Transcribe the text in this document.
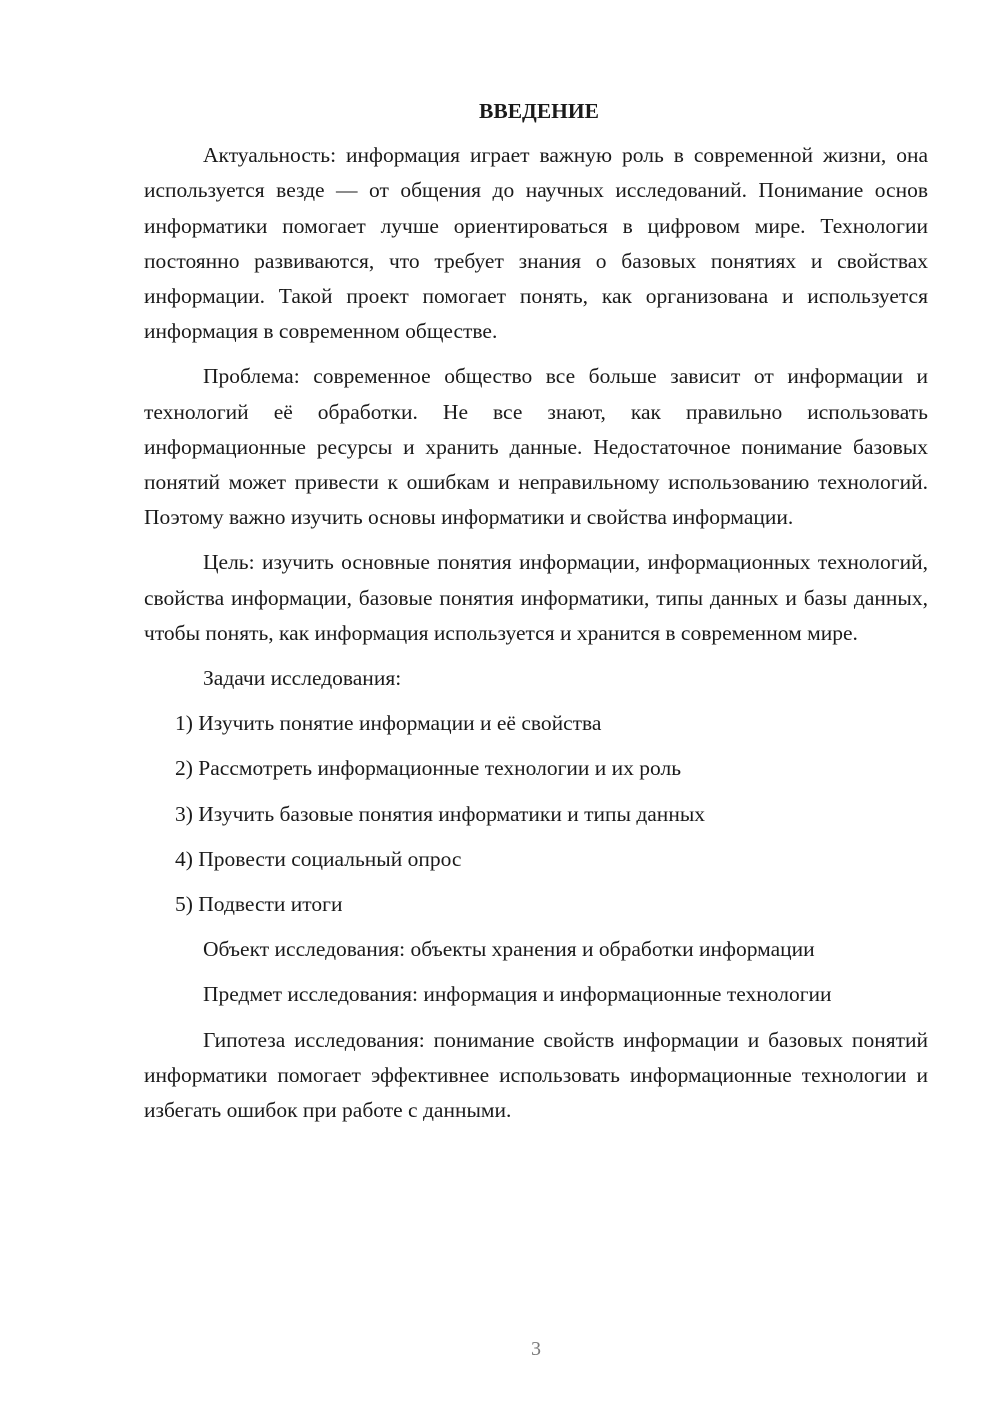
ВВЕДЕНИЕ

Актуальность: информация играет важную роль в современной жизни, она используется везде — от общения до научных исследований. Понимание основ информатики помогает лучше ориентироваться в цифровом мире. Технологии постоянно развиваются, что требует знания о базовых понятиях и свойствах информации. Такой проект помогает понять, как организована и используется информация в современном обществе.

Проблема: современное общество все больше зависит от информации и технологий её обработки. Не все знают, как правильно использовать информационные ресурсы и хранить данные. Недостаточное понимание базовых понятий может привести к ошибкам и неправильному использованию технологий. Поэтому важно изучить основы информатики и свойства информации.

Цель: изучить основные понятия информации, информационных технологий, свойства информации, базовые понятия информатики, типы данных и базы данных, чтобы понять, как информация используется и хранится в современном мире.

Задачи исследования:

1) Изучить понятие информации и её свойства

2) Рассмотреть информационные технологии и их роль

3) Изучить базовые понятия информатики и типы данных

4) Провести социальный опрос

5) Подвести итоги

Объект исследования: объекты хранения и обработки информации

Предмет исследования: информация и информационные технологии

Гипотеза исследования: понимание свойств информации и базовых понятий информатики помогает эффективнее использовать информационные технологии и избегать ошибок при работе с данными.

3
